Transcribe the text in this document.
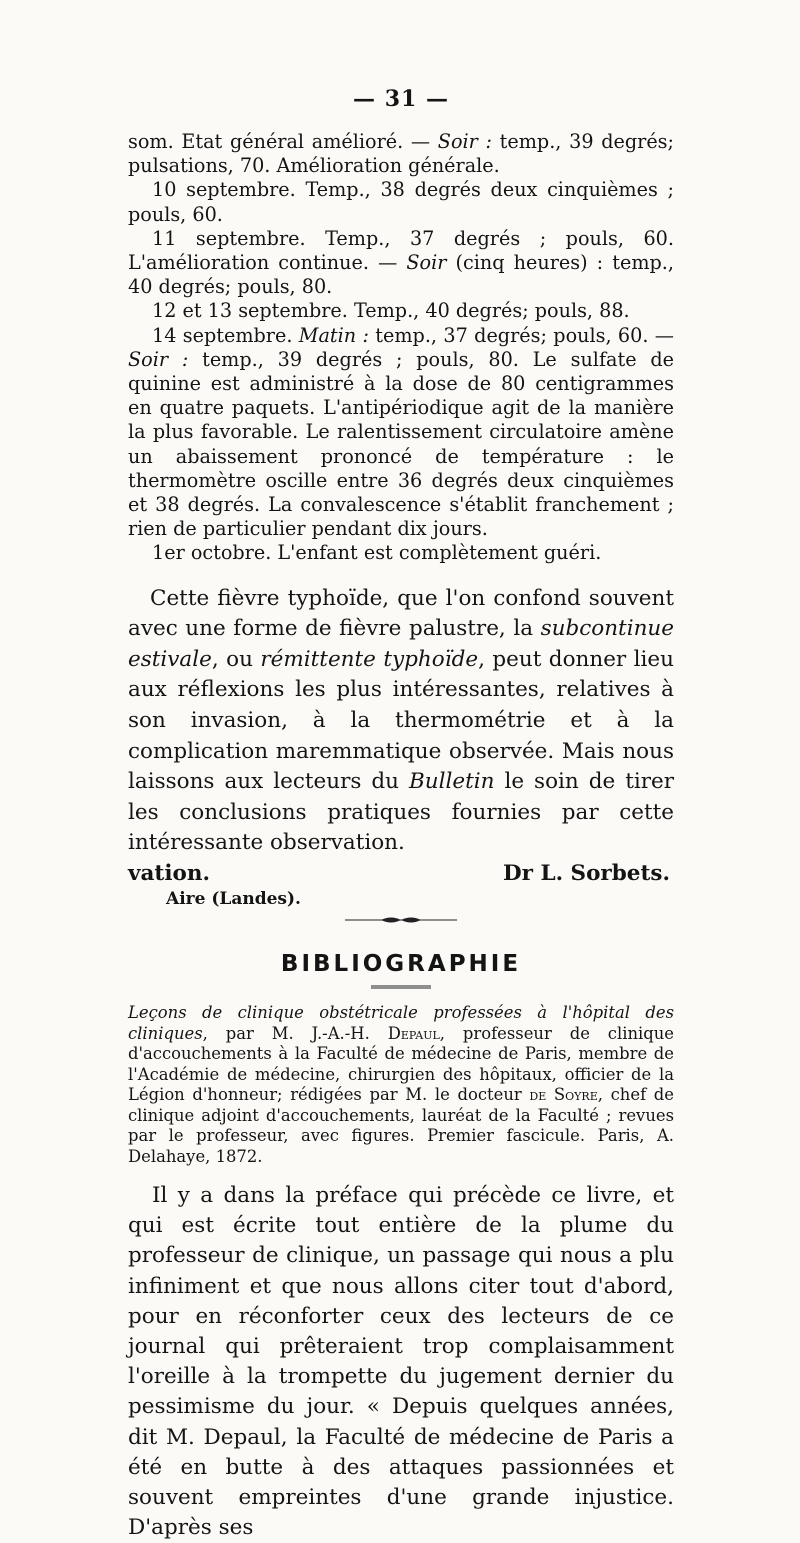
— 31 —

som. Etat général amélioré. — Soir : temp., 39 degrés; pulsations, 70. Amélioration générale.

10 septembre. Temp., 38 degrés deux cinquièmes ; pouls, 60.

11 septembre. Temp., 37 degrés ; pouls, 60. L'amélioration continue. — Soir (cinq heures) : temp., 40 degrés; pouls, 80.

12 et 13 septembre. Temp., 40 degrés; pouls, 88.

14 septembre. Matin : temp., 37 degrés; pouls, 60. — Soir : temp., 39 degrés ; pouls, 80. Le sulfate de quinine est administré à la dose de 80 centigrammes en quatre paquets. L'antipériodique agit de la manière la plus favorable. Le ralentissement circulatoire amène un abaissement prononcé de température : le thermomètre oscille entre 36 degrés deux cinquièmes et 38 degrés. La convalescence s'établit franchement ; rien de particulier pendant dix jours.

1er octobre. L'enfant est complètement guéri.

Cette fièvre typhoïde, que l'on confond souvent avec une forme de fièvre palustre, la subcontinue estivale, ou rémittente typhoïde, peut donner lieu aux réflexions les plus intéressantes, relatives à son invasion, à la thermométrie et à la complication maremmatique observée. Mais nous laissons aux lecteurs du Bulletin le soin de tirer les conclusions pratiques fournies par cette intéressante observation.

vation.	Dr L. Sorbets.
Aire (Landes).
BIBLIOGRAPHIE

Leçons de clinique obstétricale professées à l'hôpital des cliniques, par M. J.-A.-H. Depaul, professeur de clinique d'accouchements à la Faculté de médecine de Paris, membre de l'Académie de médecine, chirurgien des hôpitaux, officier de la Légion d'honneur; rédigées par M. le docteur de Soyre, chef de clinique adjoint d'accouchements, lauréat de la Faculté ; revues par le professeur, avec figures. Premier fascicule. Paris, A. Delahaye, 1872.

Il y a dans la préface qui précède ce livre, et qui est écrite tout entière de la plume du professeur de clinique, un passage qui nous a plu infiniment et que nous allons citer tout d'abord, pour en réconforter ceux des lecteurs de ce journal qui prêteraient trop complaisamment l'oreille à la trompette du jugement dernier du pessimisme du jour. « Depuis quelques années, dit M. Depaul, la Faculté de médecine de Paris a été en butte à des attaques passionnées et souvent empreintes d'une grande injustice. D'après ses
